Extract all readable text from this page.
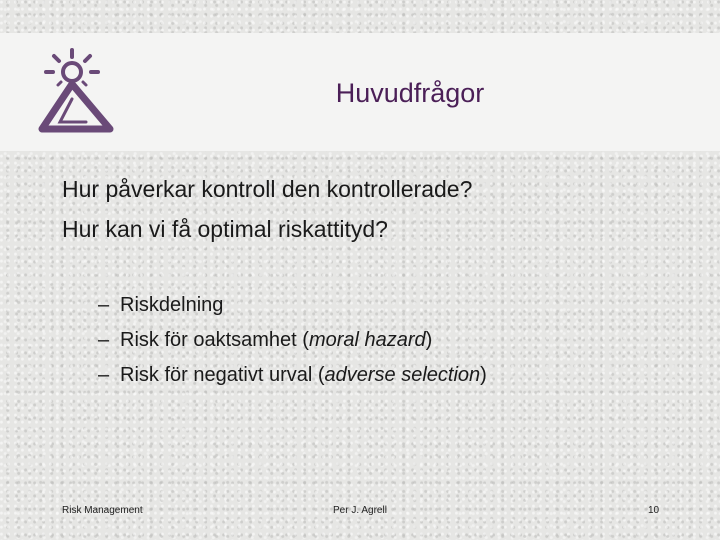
Huvudfrågor

Hur påverkar kontroll den kontrollerade?

Hur kan vi få optimal riskattityd?

– Riskdelning
– Risk för oaktsamhet (moral hazard)
– Risk för negativt urval (adverse selection)
Risk Management	Per J. Agrell	10
